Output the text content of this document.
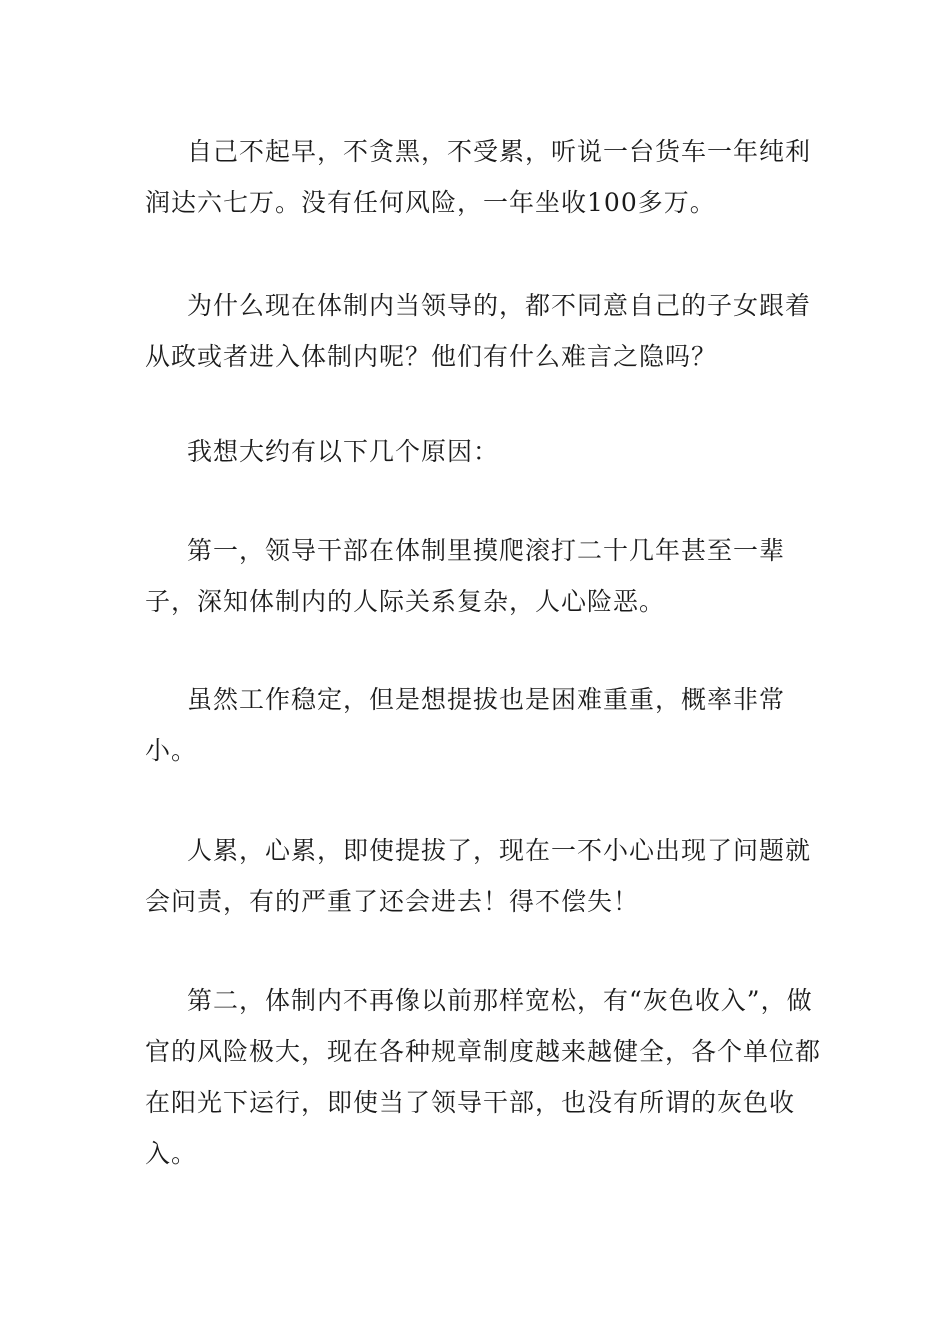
自己不起早，不贪黑，不受累，听说一台货车一年纯利润达六七万。没有任何风险，一年坐收100多万。

为什么现在体制内当领导的，都不同意自己的子女跟着从政或者进入体制内呢？他们有什么难言之隐吗？

我想大约有以下几个原因：

第一，领导干部在体制里摸爬滚打二十几年甚至一辈子，深知体制内的人际关系复杂，人心险恶。

虽然工作稳定，但是想提拔也是困难重重，概率非常小。

人累，心累，即使提拔了，现在一不小心出现了问题就会问责，有的严重了还会进去！得不偿失！

第二，体制内不再像以前那样宽松，有“灰色收入”，做官的风险极大，现在各种规章制度越来越健全，各个单位都在阳光下运行，即使当了领导干部，也没有所谓的灰色收入。
